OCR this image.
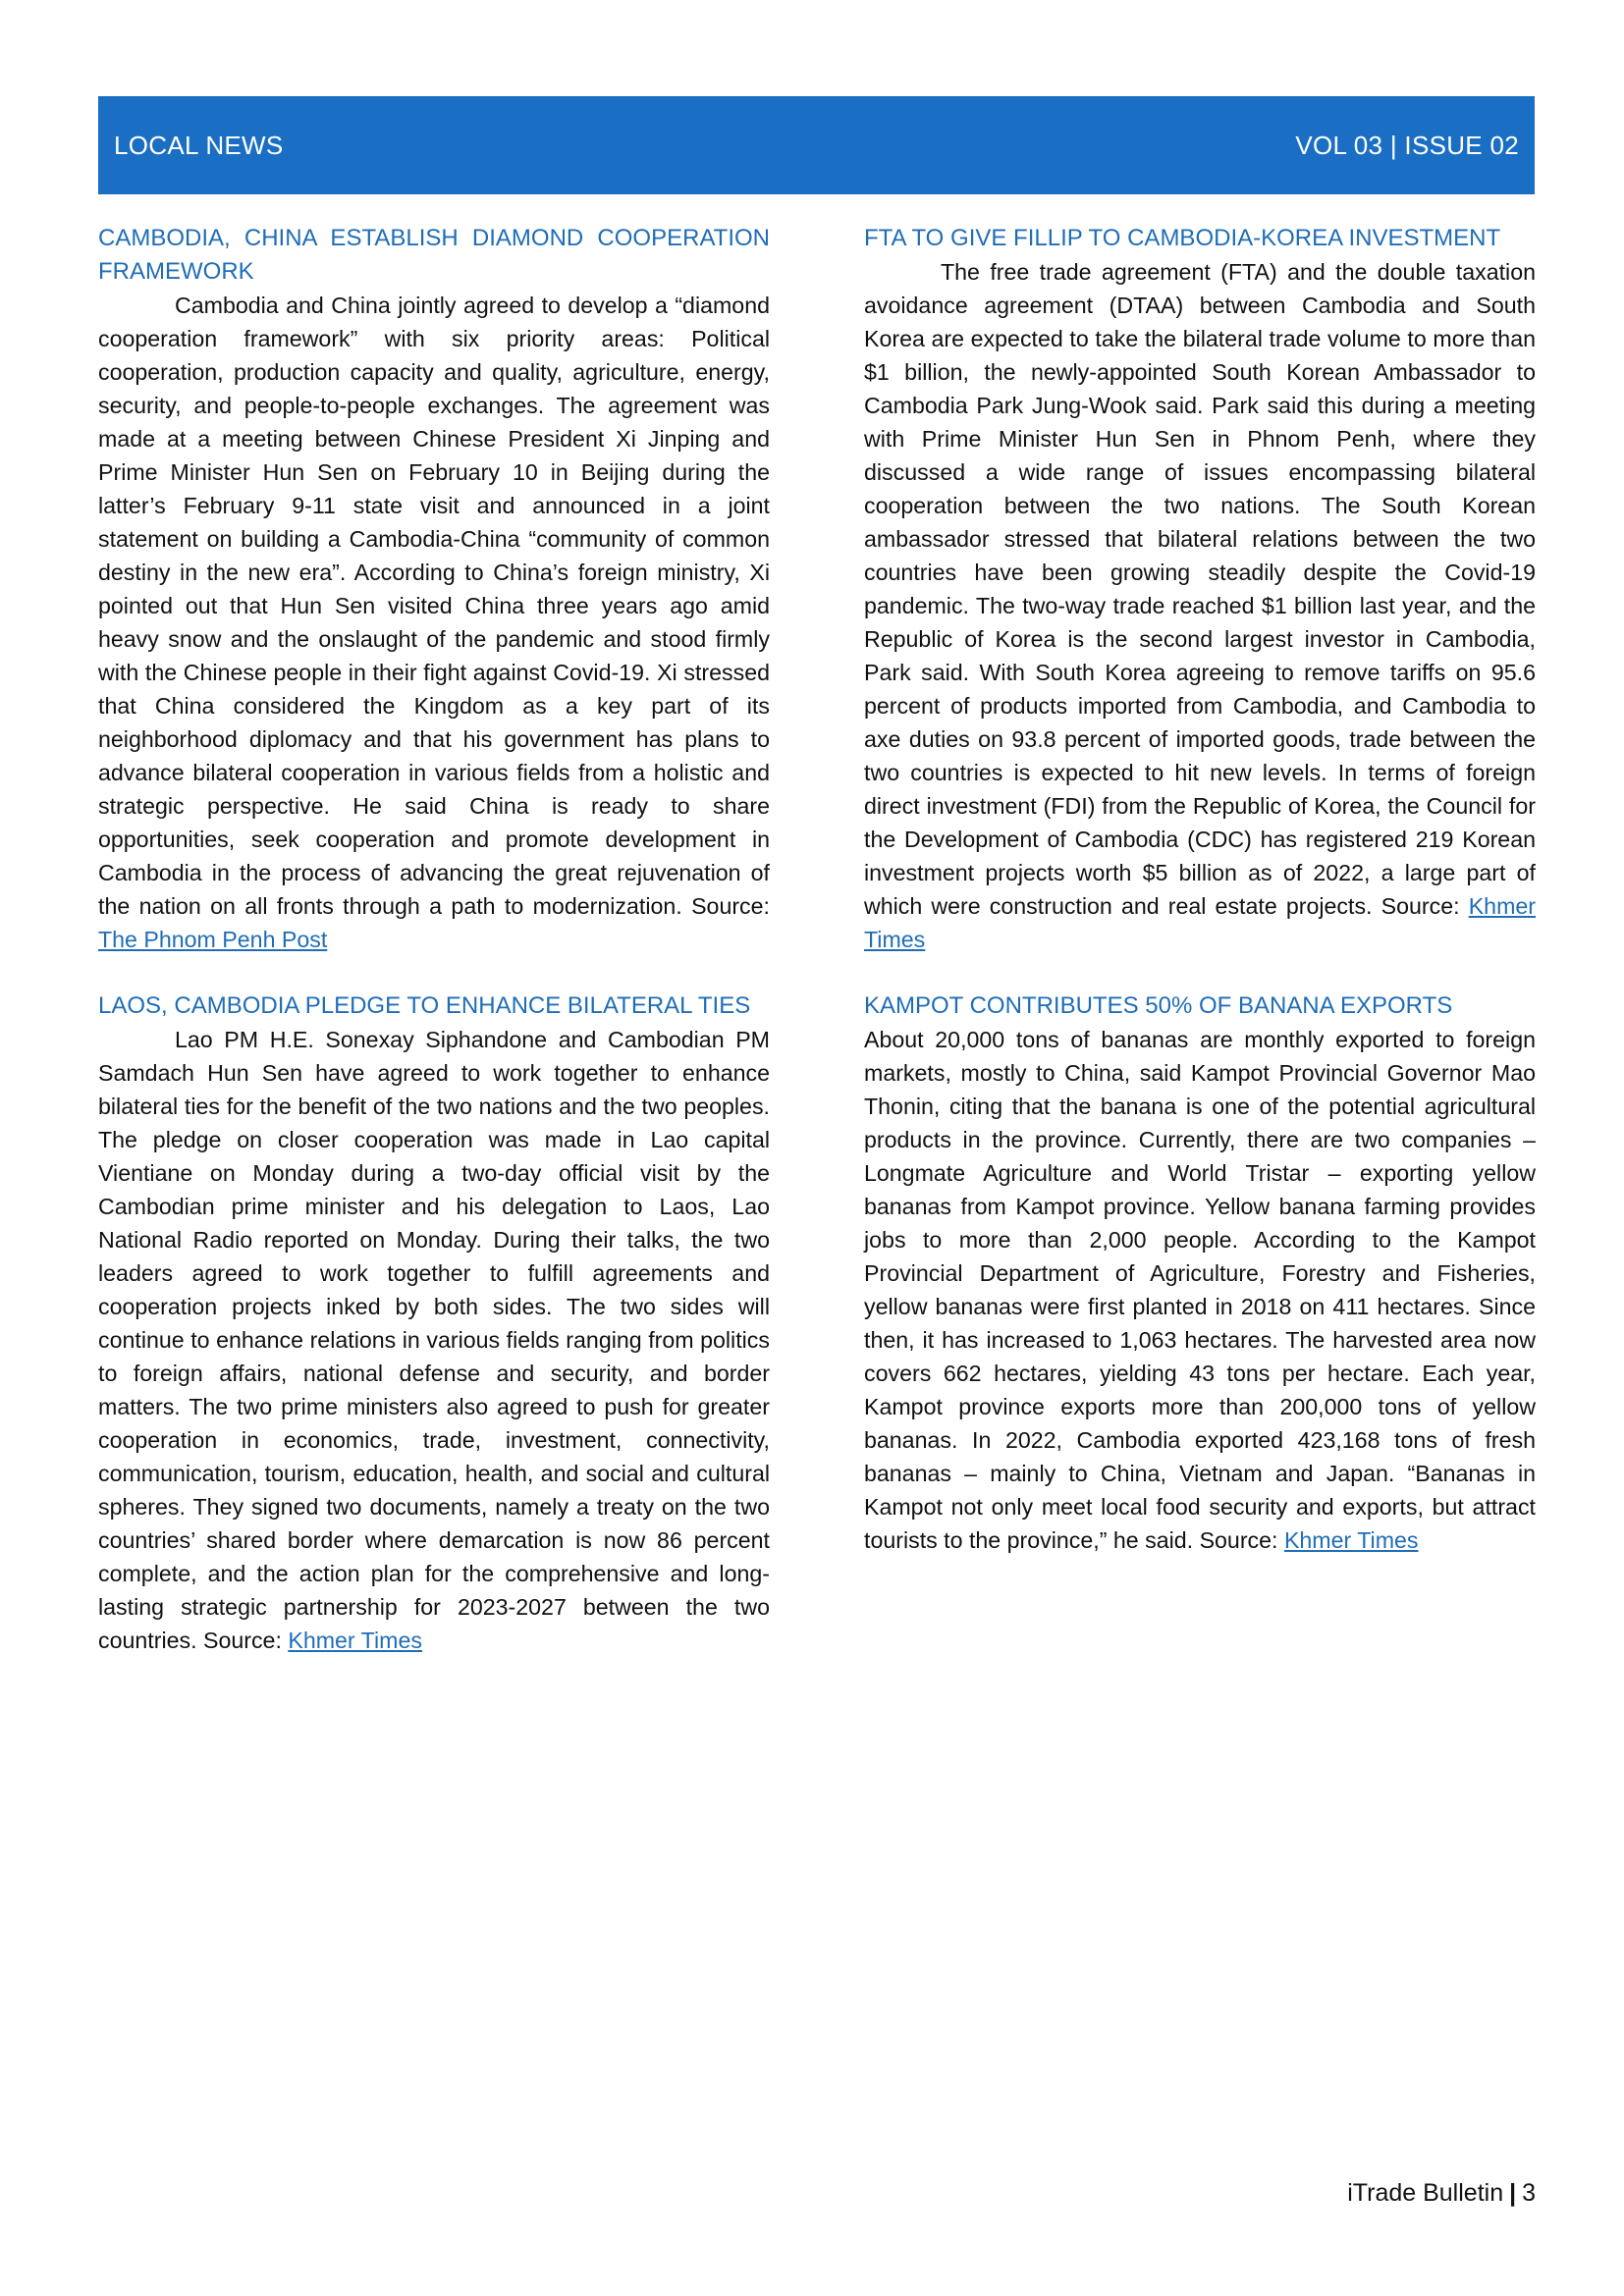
LOCAL NEWS	VOL 03 | ISSUE 02
CAMBODIA, CHINA ESTABLISH DIAMOND COOPERATION FRAMEWORK

Cambodia and China jointly agreed to develop a “diamond cooperation framework” with six priority areas: Political cooperation, production capacity and quality, agriculture, energy, security, and people-to-people exchanges. The agreement was made at a meeting between Chinese President Xi Jinping and Prime Minister Hun Sen on February 10 in Beijing during the latter’s February 9-11 state visit and announced in a joint statement on building a Cambodia-China “community of common destiny in the new era”. According to China’s foreign ministry, Xi pointed out that Hun Sen visited China three years ago amid heavy snow and the onslaught of the pandemic and stood firmly with the Chinese people in their fight against Covid-19. Xi stressed that China considered the Kingdom as a key part of its neighborhood diplomacy and that his government has plans to advance bilateral cooperation in various fields from a holistic and strategic perspective. He said China is ready to share opportunities, seek cooperation and promote development in Cambodia in the process of advancing the great rejuvenation of the nation on all fronts through a path to modernization. Source: The Phnom Penh Post

LAOS, CAMBODIA PLEDGE TO ENHANCE BILATERAL TIES

Lao PM H.E. Sonexay Siphandone and Cambodian PM Samdach Hun Sen have agreed to work together to enhance bilateral ties for the benefit of the two nations and the two peoples. The pledge on closer cooperation was made in Lao capital Vientiane on Monday during a two-day official visit by the Cambodian prime minister and his delegation to Laos, Lao National Radio reported on Monday. During their talks, the two leaders agreed to work together to fulfill agreements and cooperation projects inked by both sides. The two sides will continue to enhance relations in various fields ranging from politics to foreign affairs, national defense and security, and border matters. The two prime ministers also agreed to push for greater cooperation in economics, trade, investment, connectivity, communication, tourism, education, health, and social and cultural spheres. They signed two documents, namely a treaty on the two countries’ shared border where demarcation is now 86 percent complete, and the action plan for the comprehensive and long-lasting strategic partnership for 2023-2027 between the two countries. Source: Khmer Times

FTA TO GIVE FILLIP TO CAMBODIA-KOREA INVESTMENT

The free trade agreement (FTA) and the double taxation avoidance agreement (DTAA) between Cambodia and South Korea are expected to take the bilateral trade volume to more than $1 billion, the newly-appointed South Korean Ambassador to Cambodia Park Jung-Wook said. Park said this during a meeting with Prime Minister Hun Sen in Phnom Penh, where they discussed a wide range of issues encompassing bilateral cooperation between the two nations. The South Korean ambassador stressed that bilateral relations between the two countries have been growing steadily despite the Covid-19 pandemic. The two-way trade reached $1 billion last year, and the Republic of Korea is the second largest investor in Cambodia, Park said. With South Korea agreeing to remove tariffs on 95.6 percent of products imported from Cambodia, and Cambodia to axe duties on 93.8 percent of imported goods, trade between the two countries is expected to hit new levels. In terms of foreign direct investment (FDI) from the Republic of Korea, the Council for the Development of Cambodia (CDC) has registered 219 Korean investment projects worth $5 billion as of 2022, a large part of which were construction and real estate projects. Source: Khmer Times

KAMPOT CONTRIBUTES 50% OF BANANA EXPORTS

About 20,000 tons of bananas are monthly exported to foreign markets, mostly to China, said Kampot Provincial Governor Mao Thonin, citing that the banana is one of the potential agricultural products in the province. Currently, there are two companies – Longmate Agriculture and World Tristar – exporting yellow bananas from Kampot province. Yellow banana farming provides jobs to more than 2,000 people. According to the Kampot Provincial Department of Agriculture, Forestry and Fisheries, yellow bananas were first planted in 2018 on 411 hectares. Since then, it has increased to 1,063 hectares. The harvested area now covers 662 hectares, yielding 43 tons per hectare. Each year, Kampot province exports more than 200,000 tons of yellow bananas. In 2022, Cambodia exported 423,168 tons of fresh bananas – mainly to China, Vietnam and Japan. “Bananas in Kampot not only meet local food security and exports, but attract tourists to the province,” he said. Source: Khmer Times

iTrade Bulletin | 3
